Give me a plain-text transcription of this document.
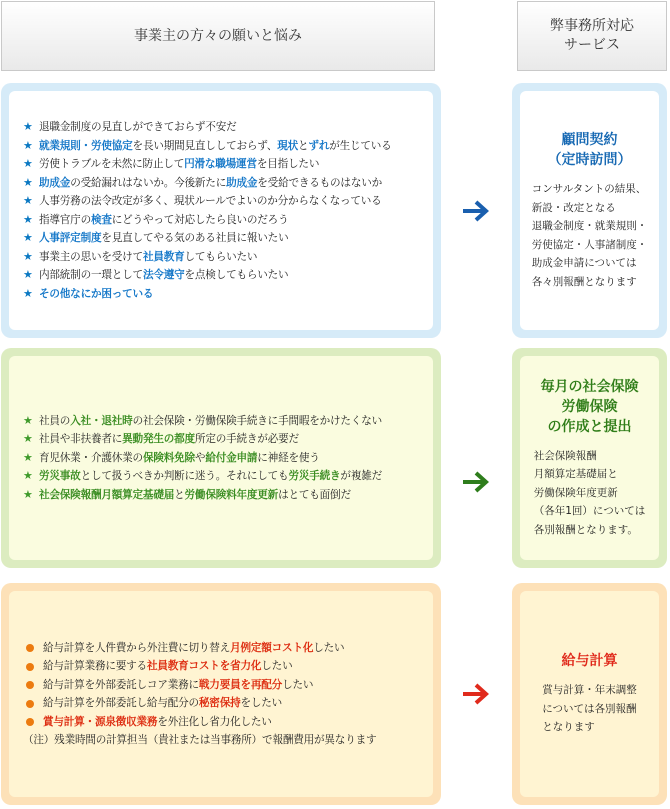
事業主の方々の願いと悩み
弊事務所対応
サービス
★ 退職金制度の見直しができておらず不安だ
★ 就業規則・労使協定を長い期間見直ししておらず、現状とずれが生じている
★ 労使トラブルを未然に防止して円滑な職場運営を目指したい
★ 助成金の受給漏れはないか。今後新たに助成金を受給できるものはないか
★ 人事労務の法令改定が多く、現状ルールでよいのか分からなくなっている
★ 指導官庁の検査にどうやって対応したら良いのだろう
★ 人事評定制度を見直してやる気のある社員に報いたい
★ 事業主の思いを受けて社員教育してもらいたい
★ 内部統制の一環として法令遵守を点検してもらいたい
★ その他なにか困っている
顧問契約
（定時訪問）
コンサルタントの結果、
新設・改定となる
退職金制度・就業規則・
労使協定・人事諸制度・
助成金申請については
各々別報酬となります
★ 社員の入社・退社時の社会保険・労働保険手続きに手間暇をかけたくない
★ 社員や非扶養者に異動発生の都度所定の手続きが必要だ
★ 育児休業・介護休業の保険料免除や給付金申請に神経を使う
★ 労災事故として扱うべきか判断に迷う。それにしても労災手続きが複雑だ
★ 社会保険報酬月額算定基礎届と労働保険料年度更新はとても面倒だ
毎月の社会保険
労働保険
の作成と提出
社会保険報酬
月額算定基礎届と
労働保険年度更新
（各年1回）については
各別報酬となります。
給与計算を人件費から外注費に切り替え月例定額コスト化したい
給与計算業務に要する社員教育コストを省力化したい
給与計算を外部委託しコア業務に戦力要員を再配分したい
給与計算を外部委託し給与配分の秘密保持をしたい
賞与計算・源泉徴収業務を外注化し省力化したい
（注）残業時間の計算担当（貴社または当事務所）で報酬費用が異なります
給与計算
賞与計算・年末調整
については各別報酬
となります
